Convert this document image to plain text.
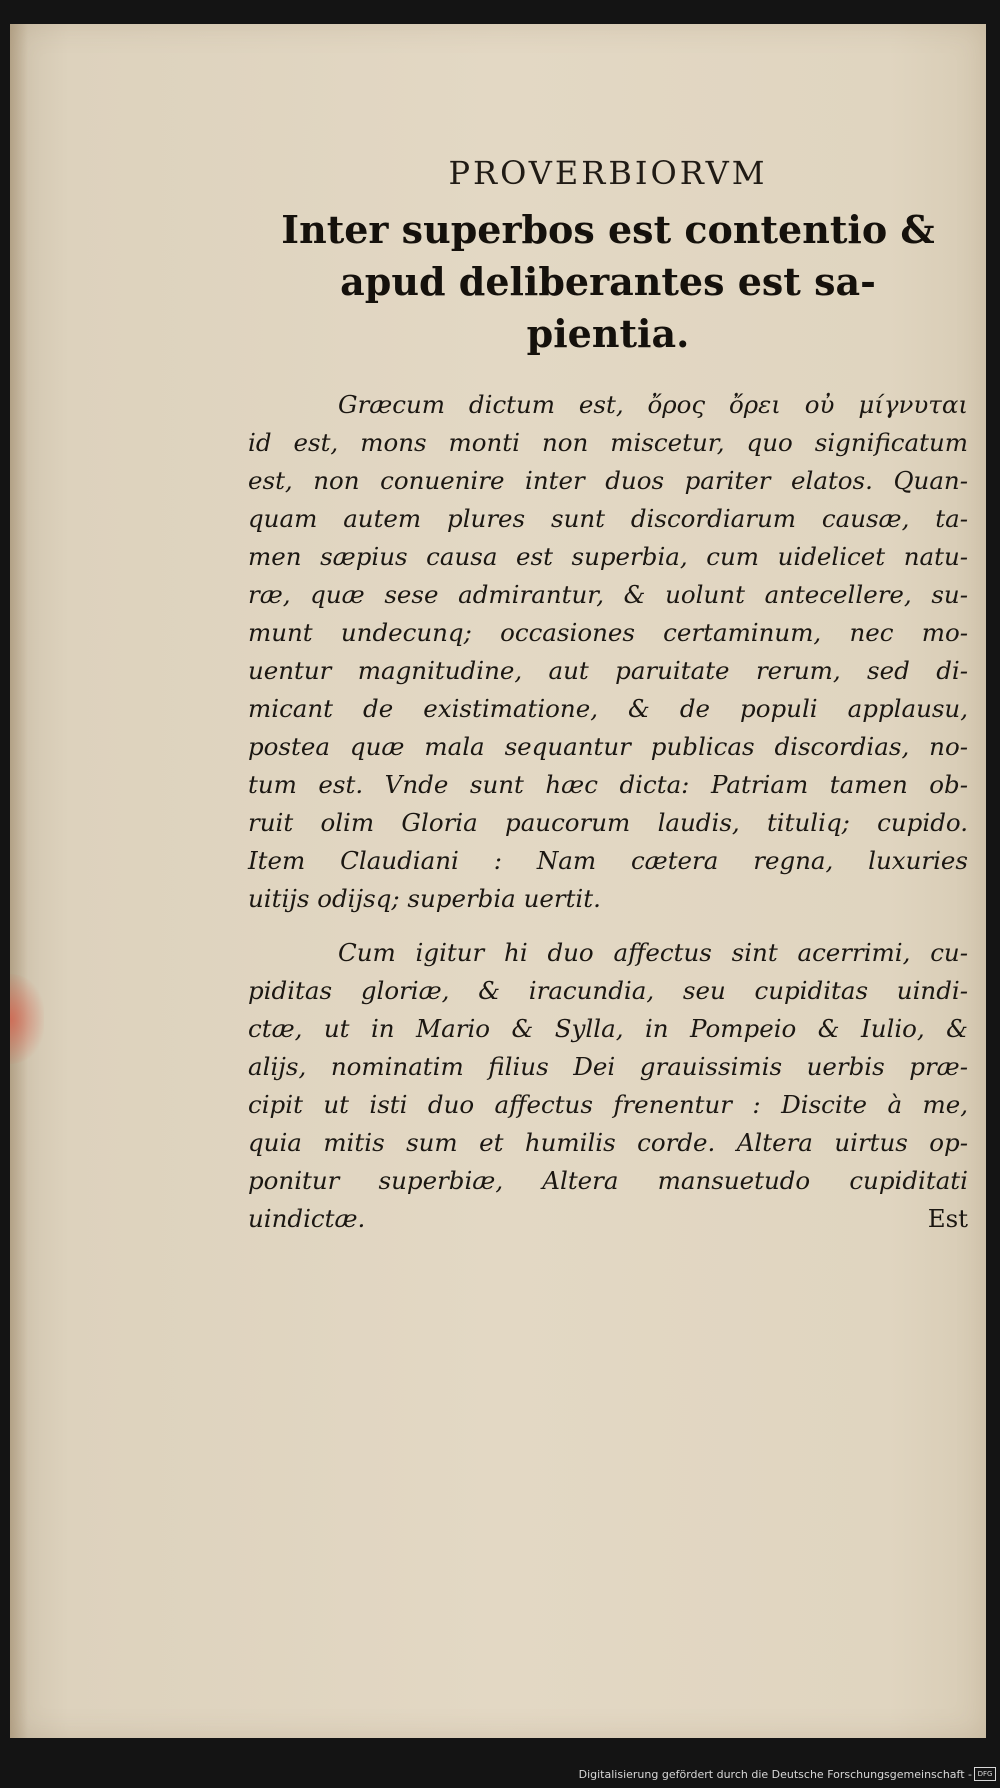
PROVERBIORVM
Inter superbos est contentio &
apud deliberantes est sa-
pientia.
Græcum dictum est, ὄρος ὄρει οὐ μίγνυται
id est, mons monti non miscetur, quo significatum
est, non conuenire inter duos pariter elatos. Quan-
quam autem plures sunt discordiarum causæ, ta-
men sæpius causa est superbia, cum uidelicet natu-
ræ, quæ sese admirantur, & uolunt antecellere, su-
munt undecunq; occasiones certaminum, nec mo-
uentur magnitudine, aut paruitate rerum, sed di-
micant de existimatione, & de populi applausu,
postea quæ mala sequantur publicas discordias, no-
tum est. Vnde sunt hæc dicta: Patriam tamen ob-
ruit olim Gloria paucorum laudis, tituliq; cupido.
Item Claudiani : Nam cætera regna, luxuries
uitijs odijsq; superbia uertit.
Cum igitur hi duo affectus sint acerrimi, cu-
piditas gloriæ, & iracundia, seu cupiditas uindi-
ctæ, ut in Mario & Sylla, in Pompeio & Iulio, &
alijs, nominatim filius Dei grauissimis uerbis præ-
cipit ut isti duo affectus frenentur : Discite à me,
quia mitis sum et humilis corde. Altera uirtus op-
ponitur superbiæ, Altera mansuetudo cupiditati
uindictæ.	Est
Digitalisierung gefördert durch die Deutsche Forschungsgemeinschaft - DFG
